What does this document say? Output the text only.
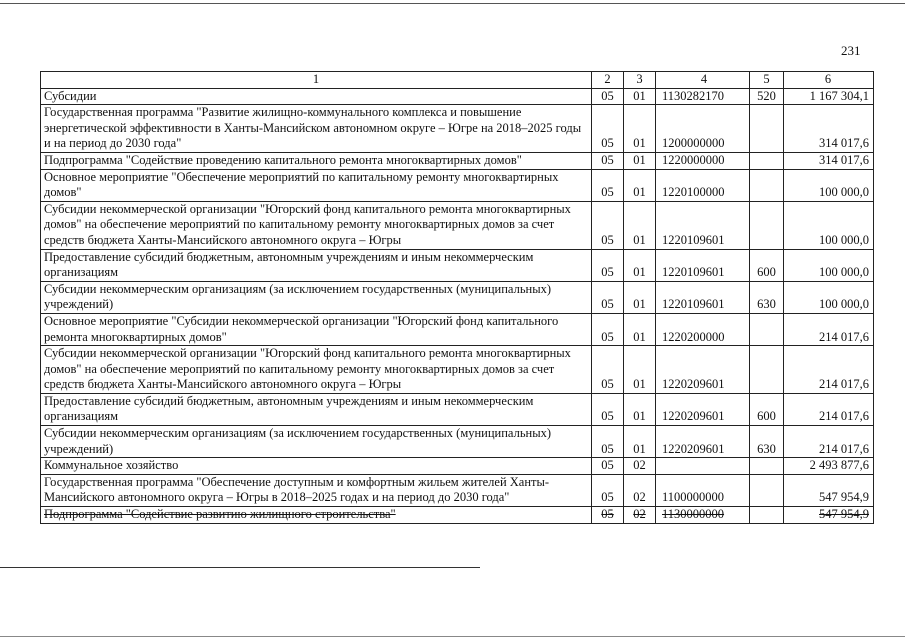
231
1	2	3	4	5	6
Субсидии	05	01	1130282170	520	1 167 304,1
Государственная программа "Развитие жилищно-коммунального комплекса и повышение энергетической эффективности в Ханты-Мансийском автономном округе – Югре на 2018–2025 годы и на период до 2030 года"	05	01	1200000000		314 017,6
Подпрограмма "Содействие проведению капитального ремонта многоквартирных домов"	05	01	1220000000		314 017,6
Основное мероприятие "Обеспечение мероприятий по капитальному ремонту многоквартирных домов"	05	01	1220100000		100 000,0
Субсидии некоммерческой организации "Югорский фонд капитального ремонта многоквартирных домов" на обеспечение мероприятий по капитальному ремонту многоквартирных домов за счет средств бюджета Ханты-Мансийского автономного округа – Югры	05	01	1220109601		100 000,0
Предоставление субсидий бюджетным, автономным учреждениям и иным некоммерческим организациям	05	01	1220109601	600	100 000,0
Субсидии некоммерческим организациям (за исключением государственных (муниципальных) учреждений)	05	01	1220109601	630	100 000,0
Основное мероприятие "Субсидии некоммерческой организации "Югорский фонд капитального ремонта многоквартирных домов"	05	01	1220200000		214 017,6
Субсидии некоммерческой организации "Югорский фонд капитального ремонта многоквартирных домов" на обеспечение мероприятий по капитальному ремонту многоквартирных домов за счет средств бюджета Ханты-Мансийского автономного округа – Югры	05	01	1220209601		214 017,6
Предоставление субсидий бюджетным, автономным учреждениям и иным некоммерческим организациям	05	01	1220209601	600	214 017,6
Субсидии некоммерческим организациям (за исключением государственных (муниципальных) учреждений)	05	01	1220209601	630	214 017,6
Коммунальное хозяйство	05	02			2 493 877,6
Государственная программа "Обеспечение доступным и комфортным жильем жителей Ханты-Мансийского автономного округа – Югры в 2018–2025 годах и на период до 2030 года"	05	02	1100000000		547 954,9
Подпрограмма "Содействие развитию жилищного строительства"	05	02	1130000000		547 954,9
